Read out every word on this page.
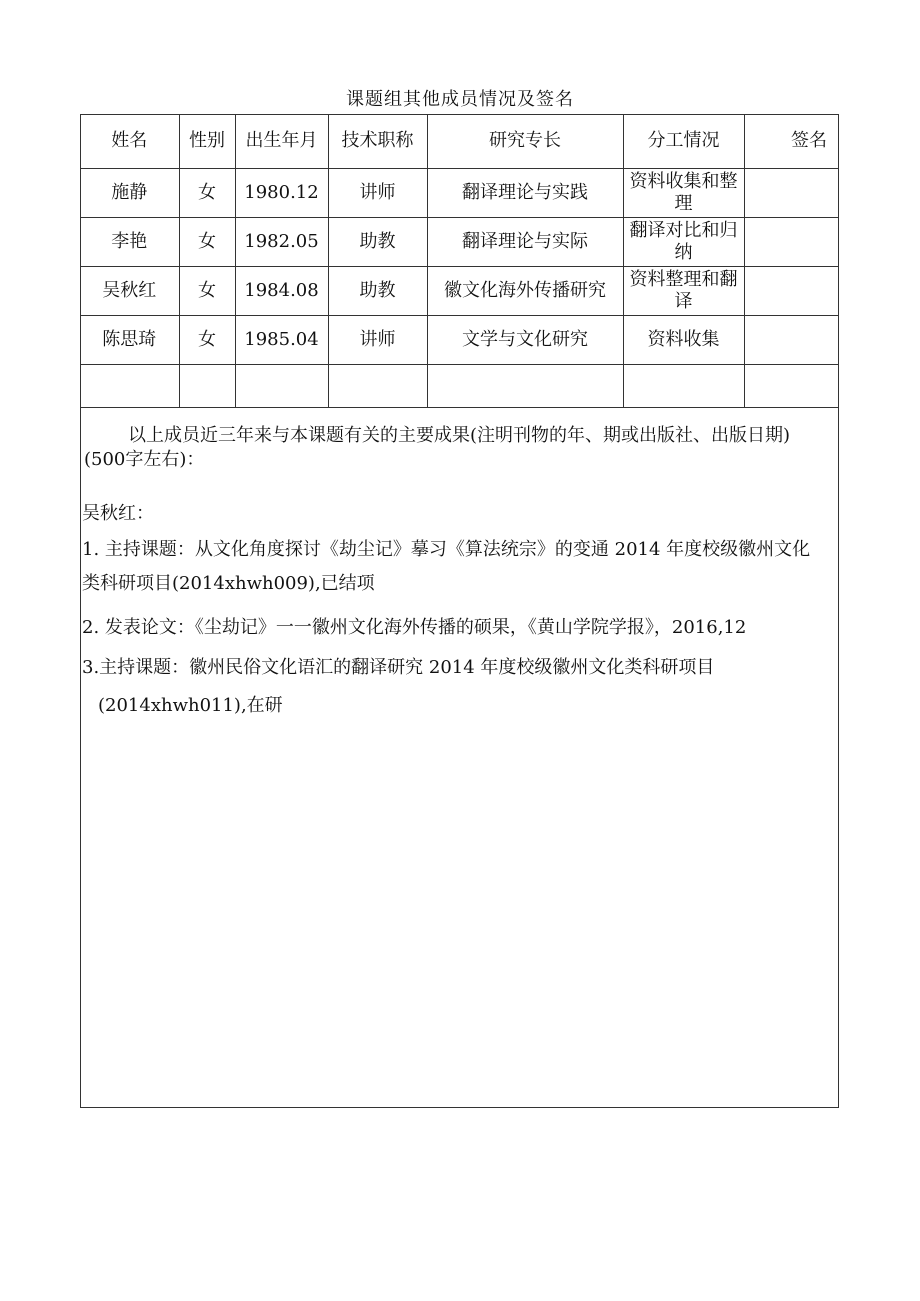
课题组其他成员情况及签名
姓名	性别	出生年月	技术职称	研究专长	分工情况	签名
施静	女	1980.12	讲师	翻译理论与实践	资料收集和整理	
李艳	女	1982.05	助教	翻译理论与实际	翻译对比和归纳	
吴秋红	女	1984.08	助教	徽文化海外传播研究	资料整理和翻译	
陈思琦	女	1985.04	讲师	文学与文化研究	资料收集	

以上成员近三年来与本课题有关的主要成果(注明刊物的年、期或出版社、出版日期)(500字左右)：
吴秋红：
1. 主持课题：从文化角度探讨《劫尘记》摹习《算法统宗》的变通 2014 年度校级徽州文化
类科研项目(2014xhwh009),已结项
2. 发表论文：《尘劫记》一一徽州文化海外传播的硕果，《黄山学院学报》，2016,12
3.主持课题：徽州民俗文化语汇的翻译研究 2014 年度校级徽州文化类科研项目
(2014xhwh011),在研
